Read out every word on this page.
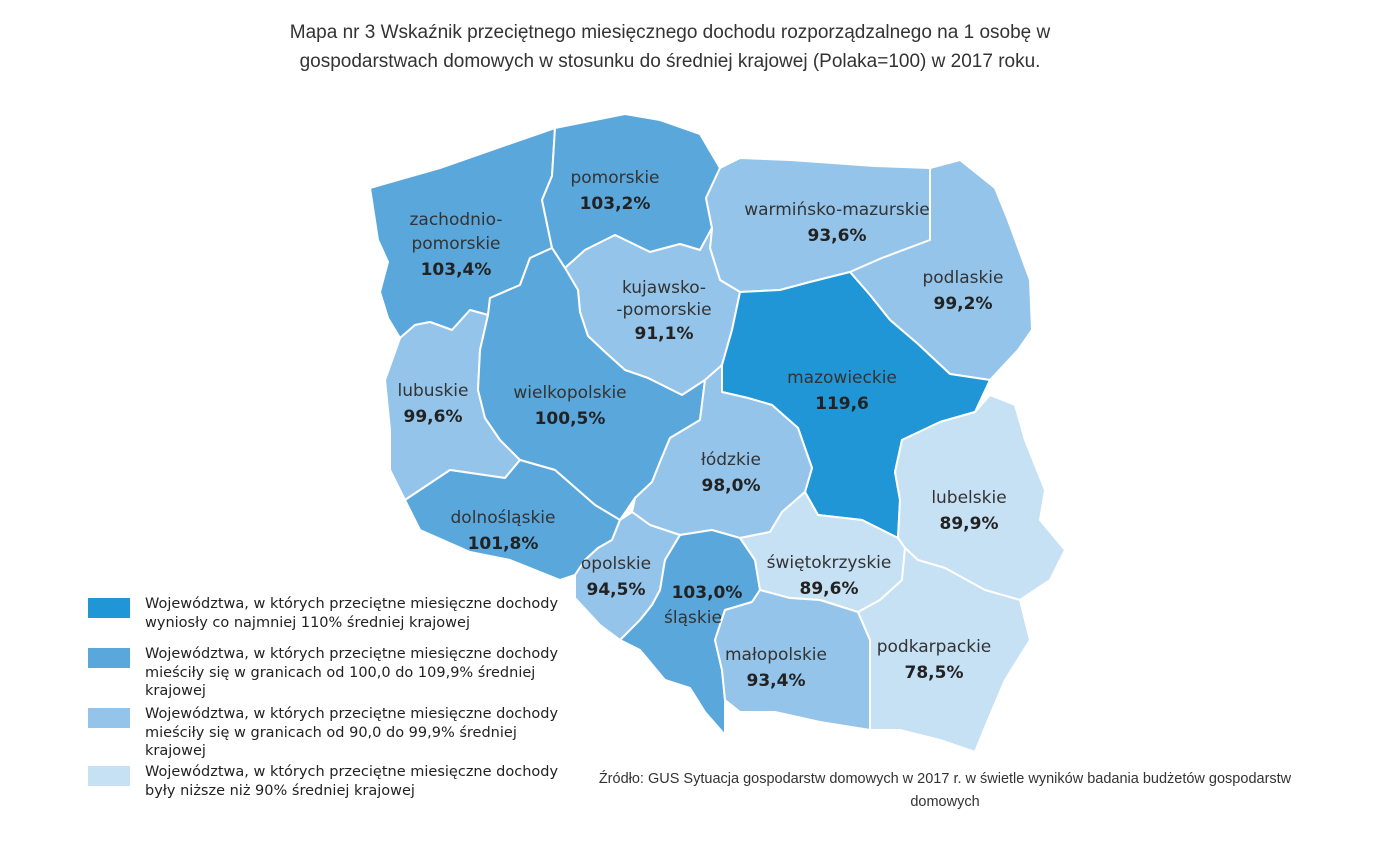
Mapa nr 3 Wskaźnik przeciętnego miesięcznego dochodu rozporządzalnego na 1 osobę w
gospodarstwach domowych w stosunku do średniej krajowej (Polaka=100) w 2017 roku.
zachodnio-
pomorskie
103,4%
pomorskie
103,2%	warmińsko-mazurskie
93,6%
podlaskie
99,2%
kujawsko-
-pomorskie
91,1%
mazowieckie
119,6
lubuskie
99,6%
wielkopolskie
100,5%
łódzkie
98,0%
lubelskie
89,9%
dolnośląskie
101,8%
opolskie
94,5% 103,0%
śląskie
świętokrzyskie
89,6%
małopolskie
93,4%
podkarpackie
78,5%
Województwa, w których przeciętne miesięczne dochody wyniosły co najmniej 110% średniej krajowej
Województwa, w których przeciętne miesięczne dochody mieściły się w granicach od 100,0 do 109,9% średniej krajowej
Województwa, w których przeciętne miesięczne dochody mieściły się w granicach od 90,0 do 99,9% średniej krajowej
Województwa, w których przeciętne miesięczne dochody były niższe niż 90% średniej krajowej
Źródło: GUS Sytuacja gospodarstw domowych w 2017 r. w świetle wyników badania budżetów gospodarstw
domowych
